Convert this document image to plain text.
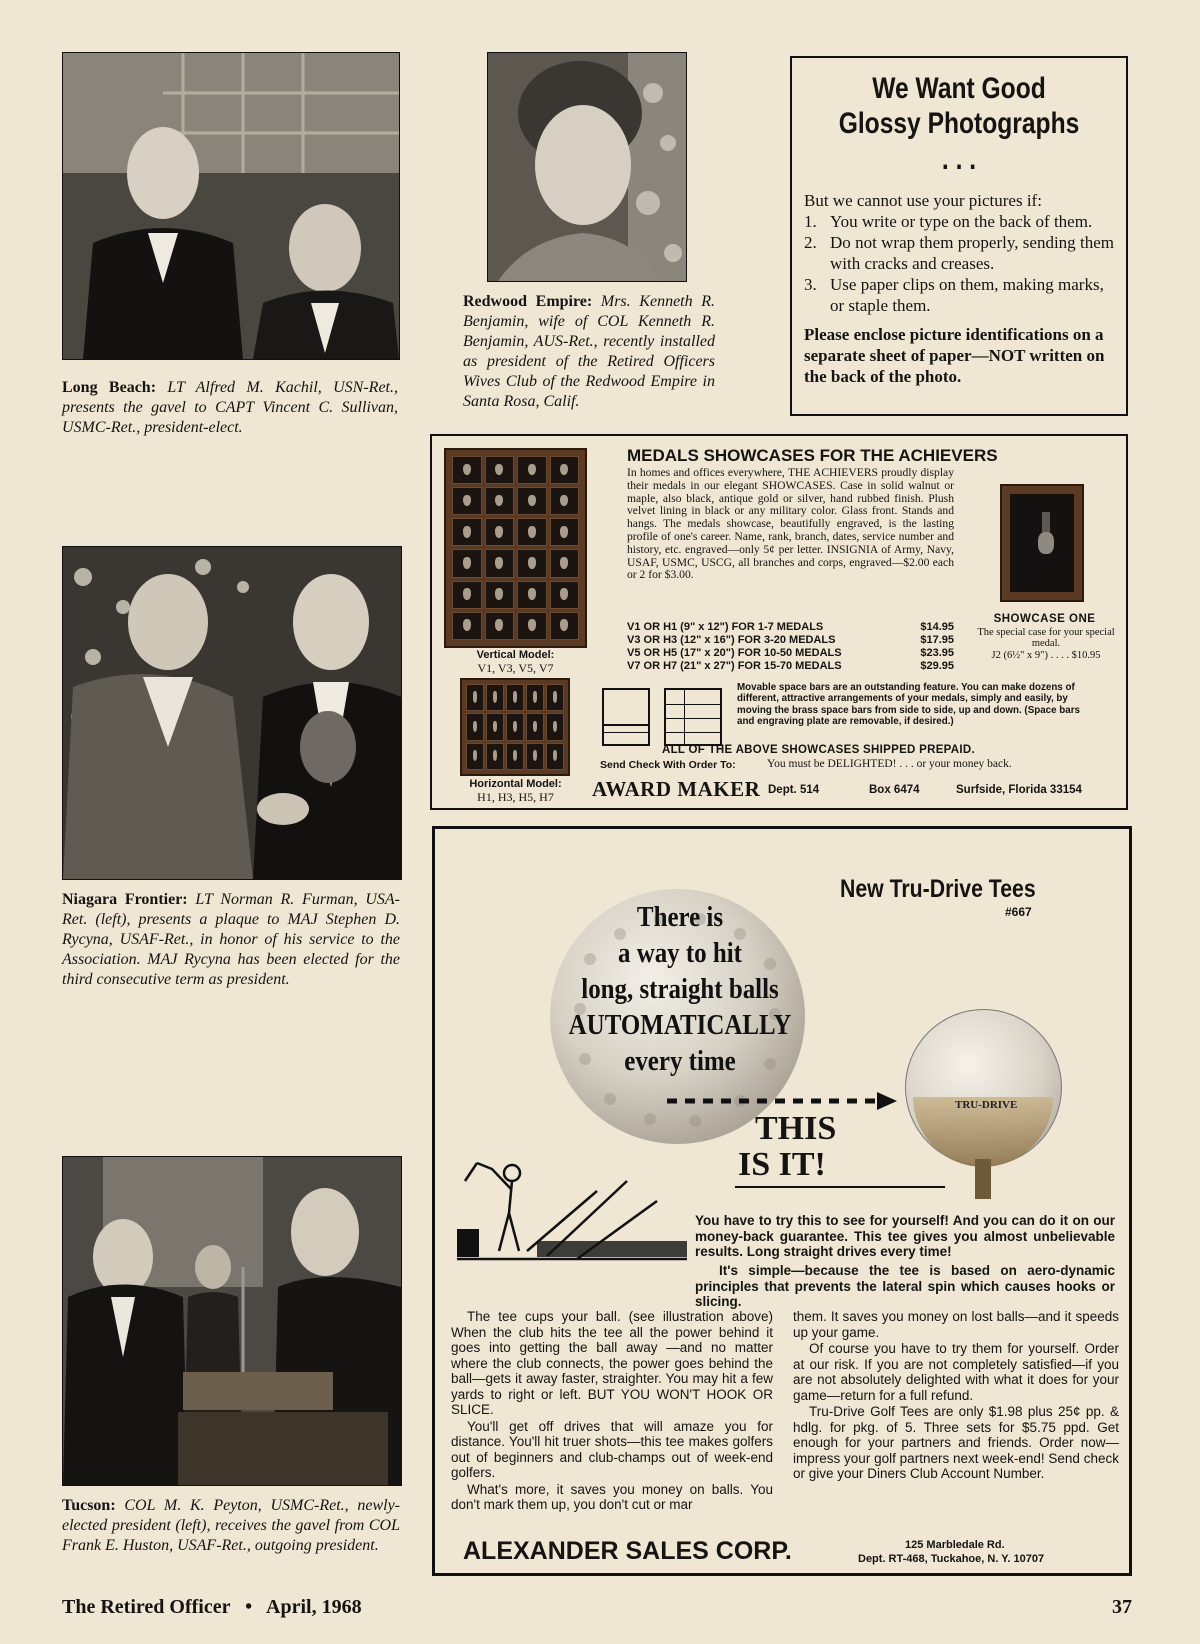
Long Beach: LT Alfred M. Kachil, USN-Ret., presents the gavel to CAPT Vincent C. Sullivan, USMC-Ret., president-elect.
Niagara Frontier: LT Norman R. Furman, USA-Ret. (left), presents a plaque to MAJ Stephen D. Rycyna, USAF-Ret., in honor of his service to the Association. MAJ Rycyna has been elected for the third consecutive term as president.
Tucson: COL M. K. Peyton, USMC-Ret., newly-elected president (left), receives the gavel from COL Frank E. Huston, USAF-Ret., outgoing president.
Redwood Empire: Mrs. Kenneth R. Benjamin, wife of COL Kenneth R. Benjamin, AUS-Ret., recently installed as president of the Retired Officers Wives Club of the Redwood Empire in Santa Rosa, Calif.
We Want Good
Glossy Photographs . . .
But we cannot use your pictures if:
1. You write or type on the back of them.
2. Do not wrap them properly, sending them with cracks and creases.
3. Use paper clips on them, making marks, or staple them.
Please enclose picture identifications on a separate sheet of paper—NOT written on the back of the photo.
Vertical Model:
V1, V3, V5, V7
Horizontal Model:
H1, H3, H5, H7
MEDALS SHOWCASES FOR THE ACHIEVERS
In homes and offices everywhere, THE ACHIEVERS proudly display their medals in our elegant SHOWCASES. Case in solid walnut or maple, also black, antique gold or silver, hand rubbed finish. Plush velvet lining in black or any military color. Glass front. Stands and hangs. The medals showcase, beautifully engraved, is the lasting profile of one's career. Name, rank, branch, dates, service number and history, etc. engraved—only 5¢ per letter. INSIGNIA of Army, Navy, USAF, USMC, USCG, all branches and corps, engraved—$2.00 each or 2 for $3.00.
V1 OR H1 (9" x 12") FOR 1-7 MEDALS	$14.95
V3 OR H3 (12" x 16") FOR 3-20 MEDALS	$17.95
V5 OR H5 (17" x 20") FOR 10-50 MEDALS	$23.95
V7 OR H7 (21" x 27") FOR 15-70 MEDALS	$29.95
SHOWCASE ONE
The special case for your special medal.
J2 (6½" x 9") . . . . $10.95
Movable space bars are an outstanding feature. You can make dozens of different, attractive arrangements of your medals, simply and easily, by moving the brass space bars from side to side, up and down. (Space bars and engraving plate are removable, if desired.)
ALL OF THE ABOVE SHOWCASES SHIPPED PREPAID.
Send Check With Order To:	You must be DELIGHTED! . . . or your money back.
AWARD MAKER Dept. 514	Box 6474	Surfside, Florida 33154
New Tru-Drive Tees
#667
There is
a way to hit
long, straight balls
AUTOMATICALLY
every time
THIS
IS IT!
TRU-DRIVE
You have to try this to see for yourself! And you can do it on our money-back guarantee. This tee gives you almost unbelievable results. Long straight drives every time!
It's simple—because the tee is based on aero-dynamic principles that prevents the lateral spin which causes hooks or slicing.

The tee cups your ball. (see illustration above) When the club hits the tee all the power behind it goes into getting the ball away —and no matter where the club connects, the power goes behind the ball—gets it away faster, straighter. You may hit a few yards to right or left. BUT YOU WON'T HOOK OR SLICE.

You'll get off drives that will amaze you for distance. You'll hit truer shots—this tee makes golfers out of beginners and club-champs out of week-end golfers.

What's more, it saves you money on balls. You don't mark them up, you don't cut or mar

them. It saves you money on lost balls—and it speeds up your game.

Of course you have to try them for yourself. Order at our risk. If you are not completely satisfied—if you are not absolutely delighted with what it does for your game—return for a full refund.

Tru-Drive Golf Tees are only $1.98 plus 25¢ pp. & hdlg. for pkg. of 5. Three sets for $5.75 ppd. Get enough for your partners and friends. Order now—impress your golf partners next week-end! Send check or give your Diners Club Account Number.

ALEXANDER SALES CORP.	125 Marbledale Rd.
Dept. RT-468, Tuckahoe, N. Y. 10707
The Retired Officer • April, 1968	37
